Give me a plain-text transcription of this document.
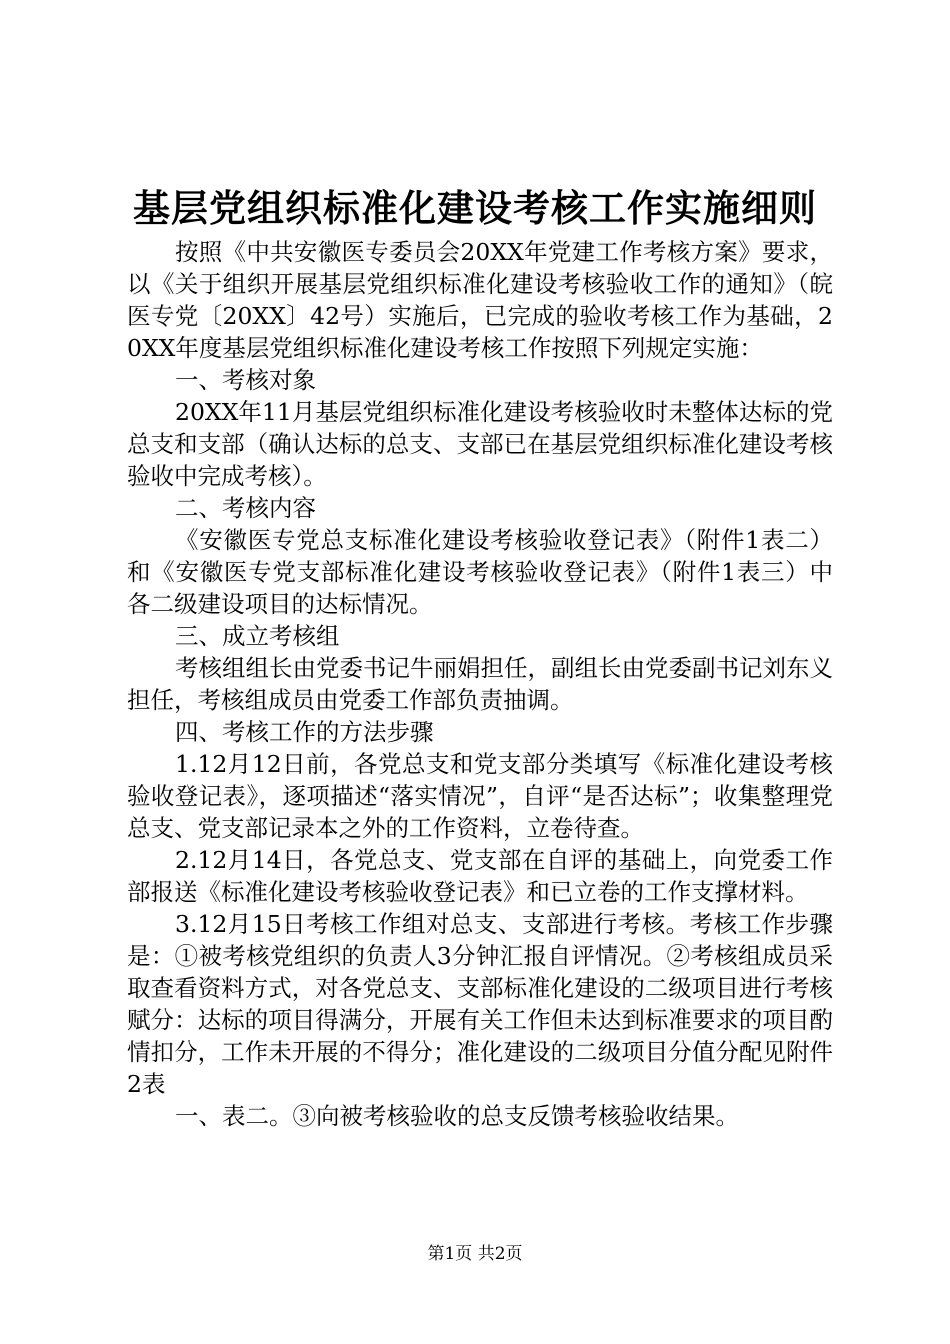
基层党组织标准化建设考核工作实施细则

按照《中共安徽医专委员会20XX年党建工作考核方案》要求，以《关于组织开展基层党组织标准化建设考核验收工作的通知》（皖医专党〔20XX〕42号）实施后，已完成的验收考核工作为基础，20XX年度基层党组织标准化建设考核工作按照下列规定实施：

一、考核对象

20XX年11月基层党组织标准化建设考核验收时未整体达标的党总支和支部（确认达标的总支、支部已在基层党组织标准化建设考核验收中完成考核）。

二、考核内容

《安徽医专党总支标准化建设考核验收登记表》（附件1表二）和《安徽医专党支部标准化建设考核验收登记表》（附件1表三）中各二级建设项目的达标情况。

三、成立考核组

考核组组长由党委书记牛丽娟担任，副组长由党委副书记刘东义担任，考核组成员由党委工作部负责抽调。

四、考核工作的方法步骤

1.12月12日前，各党总支和党支部分类填写《标准化建设考核验收登记表》，逐项描述“落实情况”，自评“是否达标”；收集整理党总支、党支部记录本之外的工作资料，立卷待查。

2.12月14日，各党总支、党支部在自评的基础上，向党委工作部报送《标准化建设考核验收登记表》和已立卷的工作支撑材料。

3.12月15日考核工作组对总支、支部进行考核。考核工作步骤是：①被考核党组织的负责人3分钟汇报自评情况。②考核组成员采取查看资料方式，对各党总支、支部标准化建设的二级项目进行考核赋分：达标的项目得满分，开展有关工作但未达到标准要求的项目酌情扣分，工作未开展的不得分；准化建设的二级项目分值分配见附件2表

一、表二。③向被考核验收的总支反馈考核验收结果。

第1页 共2页
